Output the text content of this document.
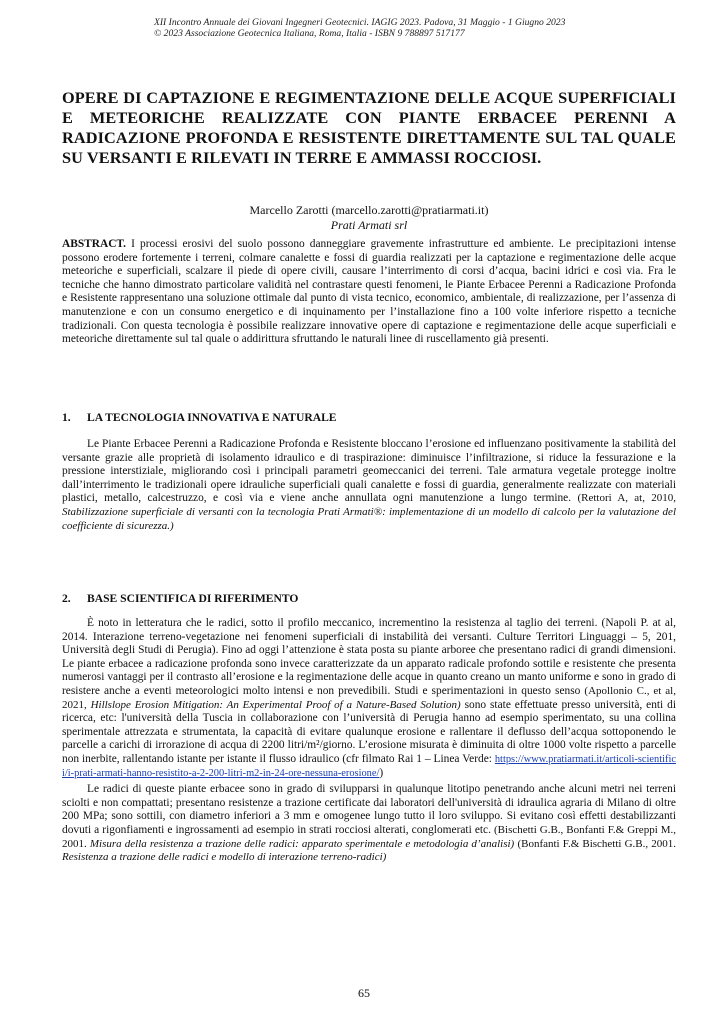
XII Incontro Annuale dei Giovani Ingegneri Geotecnici. IAGIG 2023. Padova, 31 Maggio - 1 Giugno 2023
© 2023 Associazione Geotecnica Italiana, Roma, Italia - ISBN 9 788897 517177
OPERE DI CAPTAZIONE E REGIMENTAZIONE DELLE ACQUE SUPERFICIALI E METEORICHE REALIZZATE CON PIANTE ERBACEE PERENNI A RADICAZIONE PROFONDA E RESISTENTE DIRETTAMENTE SUL TAL QUALE SU VERSANTI E RILEVATI IN TERRE E AMMASSI ROCCIOSI.
Marcello Zarotti (marcello.zarotti@pratiarmati.it)
Prati Armati srl

ABSTRACT. I processi erosivi del suolo possono danneggiare gravemente infrastrutture ed ambiente. Le precipitazioni intense possono erodere fortemente i terreni, colmare canalette e fossi di guardia realizzati per la captazione e regimentazione delle acque meteoriche e superficiali, scalzare il piede di opere civili, causare l’interrimento di corsi d’acqua, bacini idrici e così via. Fra le tecniche che hanno dimostrato particolare validità nel contrastare questi fenomeni, le Piante Erbacee Perenni a Radicazione Profonda e Resistente rappresentano una soluzione ottimale dal punto di vista tecnico, economico, ambientale, di realizzazione, per l’assenza di manutenzione e con un consumo energetico e di inquinamento per l’installazione fino a 100 volte inferiore rispetto a tecniche tradizionali. Con questa tecnologia è possibile realizzare innovative opere di captazione e regimentazione delle acque superficiali e meteoriche direttamente sul tal quale o addirittura sfruttando le naturali linee di ruscellamento già presenti.

1. LA TECNOLOGIA INNOVATIVA E NATURALE

Le Piante Erbacee Perenni a Radicazione Profonda e Resistente bloccano l’erosione ed influenzano positivamente la stabilità del versante grazie alle proprietà di isolamento idraulico e di traspirazione: diminuisce l’infiltrazione, si riduce la fessurazione e la pressione interstiziale, migliorando così i principali parametri geomeccanici dei terreni. Tale armatura vegetale protegge inoltre dall’interrimento le tradizionali opere idrauliche superficiali quali canalette e fossi di guardia, generalmente realizzate con materiali plastici, metallo, calcestruzzo, e così via e viene anche annullata ogni manutenzione a lungo termine. (Rettori A, at, 2010, Stabilizzazione superficiale di versanti con la tecnologia Prati Armati®: implementazione di un modello di calcolo per la valutazione del coefficiente di sicurezza.)

2. BASE SCIENTIFICA DI RIFERIMENTO

È noto in letteratura che le radici, sotto il profilo meccanico, incrementino la resistenza al taglio dei terreni. (Napoli P. at al, 2014. Interazione terreno-vegetazione nei fenomeni superficiali di instabilità dei versanti. Culture Territori Linguaggi – 5, 201, Università degli Studi di Perugia). Fino ad oggi l’attenzione è stata posta su piante arboree che presentano radici di grandi dimensioni. Le piante erbacee a radicazione profonda sono invece caratterizzate da un apparato radicale profondo sottile e resistente che presenta numerosi vantaggi per il contrasto all’erosione e la regimentazione delle acque in quanto creano un manto uniforme e sono in grado di resistere anche a eventi meteorologici molto intensi e non prevedibili. Studi e sperimentazioni in questo senso (Apollonio C., et al, 2021, Hillslope Erosion Mitigation: An Experimental Proof of a Nature-Based Solution) sono state effettuate presso università, enti di ricerca, etc: l'università della Tuscia in collaborazione con l’università di Perugia hanno ad esempio sperimentato, su una collina sperimentale attrezzata e strumentata, la capacità di evitare qualunque erosione e rallentare il deflusso dell’acqua sottoponendo le parcelle a carichi di irrorazione di acqua di 2200 litri/m²/giorno. L’erosione misurata è diminuita di oltre 1000 volte rispetto a parcelle non inerbite, rallentando istante per istante il flusso idraulico (cfr filmato Rai 1 – Linea Verde: https://www.pratiarmati.it/articoli-scientifici/i-prati-armati-hanno-resistito-a-2-200-litri-m2-in-24-ore-nessuna-erosione/)

Le radici di queste piante erbacee sono in grado di svilupparsi in qualunque litotipo penetrando anche alcuni metri nei terreni sciolti e non compattati; presentano resistenze a trazione certificate dai laboratori dell'università di idraulica agraria di Milano di oltre 200 MPa; sono sottili, con diametro inferiori a 3 mm e omogenee lungo tutto il loro sviluppo. Si evitano così effetti destabilizzanti dovuti a rigonfiamenti e ingrossamenti ad esempio in strati rocciosi alterati, conglomerati etc. (Bischetti G.B., Bonfanti F.& Greppi M., 2001. Misura della resistenza a trazione delle radici: apparato sperimentale e metodologia d’analisi) (Bonfanti F.& Bischetti G.B., 2001. Resistenza a trazione delle radici e modello di interazione terreno-radici)

65
